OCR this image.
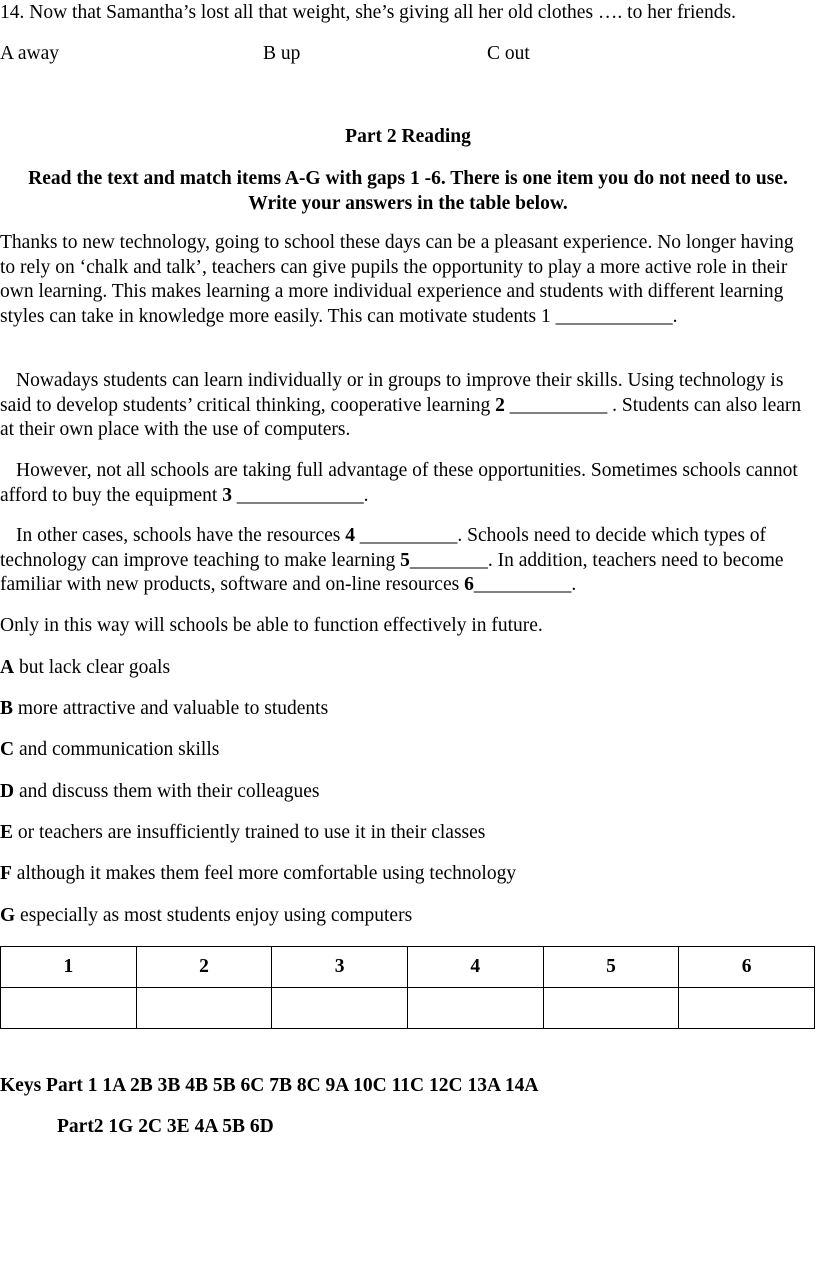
14. Now that Samantha’s lost all that weight, she’s giving all her old clothes …. to her friends.
A away	B up	C out
Part 2 Reading
Read the text and match items A-G with gaps 1 -6. There is one item you do not need to use. Write your answers in the table below.
Thanks to new technology, going to school these days can be a pleasant experience. No longer having to rely on ‘chalk and talk’, teachers can give pupils the opportunity to play a more active role in their own learning. This makes learning a more individual experience and students with different learning styles can take in knowledge more easily. This can motivate students 1 ____________.
Nowadays students can learn individually or in groups to improve their skills. Using technology is said to develop students’ critical thinking, cooperative learning 2 __________ . Students can also learn at their own place with the use of computers.
However, not all schools are taking full advantage of these opportunities. Sometimes schools cannot afford to buy the equipment 3 _____________.
In other cases, schools have the resources 4 __________. Schools need to decide which types of technology can improve teaching to make learning 5________. In addition, teachers need to become familiar with new products, software and on-line resources 6__________.
Only in this way will schools be able to function effectively in future.
A but lack clear goals
B more attractive and valuable to students
C and communication skills
D and discuss them with their colleagues
E or teachers are insufficiently trained to use it in their classes
F although it makes them feel more comfortable using technology
G especially as most students enjoy using computers
1	2	3	4	5	6

Keys Part 1 1A 2B 3B 4B 5B 6C 7B 8C 9A 10C 11C 12C 13A 14A
Part2 1G 2C 3E 4A 5B 6D
